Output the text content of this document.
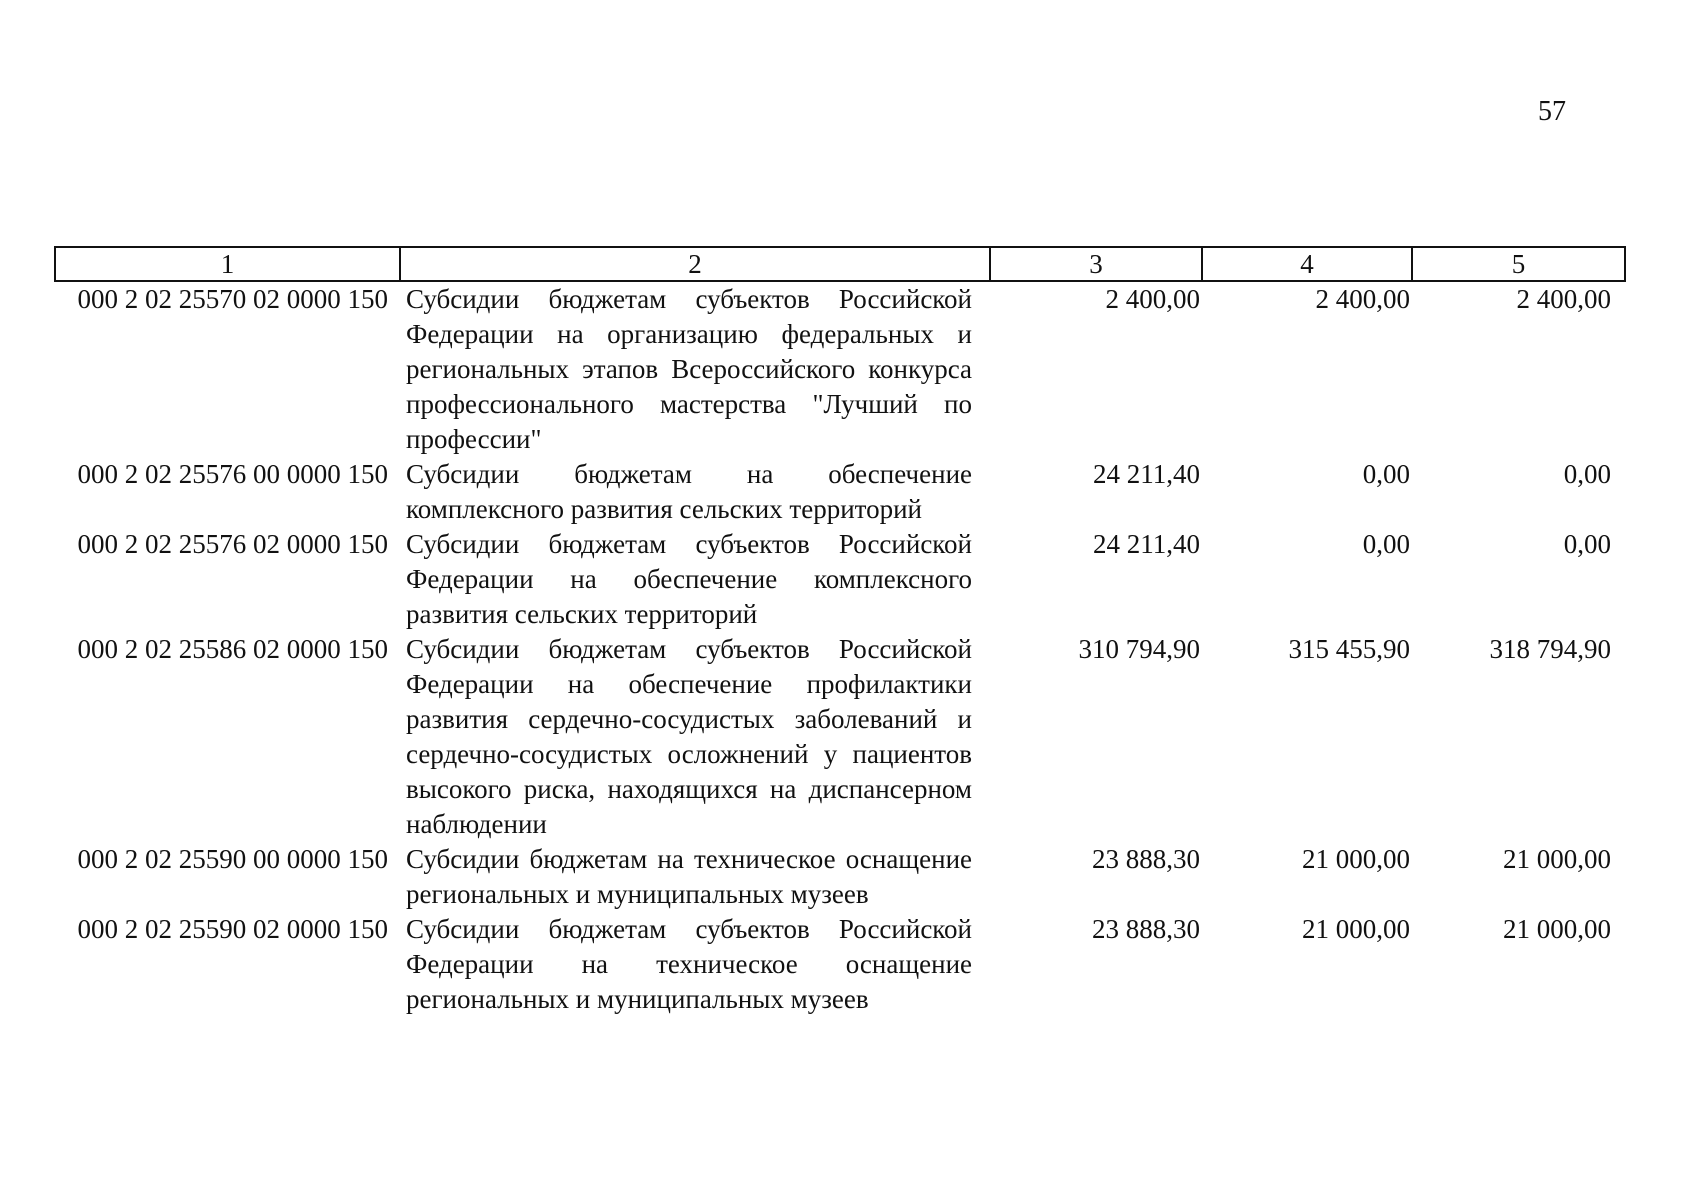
57
1	2	3	4	5
000 2 02 25570 02 0000 150	Субсидии бюджетам субъектов Российской Федерации на организацию федеральных и региональных этапов Всероссийского конкурса профессионального мастерства "Лучший по профессии"	2 400,00	2 400,00	2 400,00
000 2 02 25576 00 0000 150	Субсидии бюджетам на обеспечение комплексного развития сельских территорий	24 211,40	0,00	0,00
000 2 02 25576 02 0000 150	Субсидии бюджетам субъектов Российской Федерации на обеспечение комплексного развития сельских территорий	24 211,40	0,00	0,00
000 2 02 25586 02 0000 150	Субсидии бюджетам субъектов Российской Федерации на обеспечение профилактики развития сердечно-сосудистых заболеваний и сердечно-сосудистых осложнений у пациентов высокого риска, находящихся на диспансерном наблюдении	310 794,90	315 455,90	318 794,90
000 2 02 25590 00 0000 150	Субсидии бюджетам на техническое оснащение региональных и муниципальных музеев	23 888,30	21 000,00	21 000,00
000 2 02 25590 02 0000 150	Субсидии бюджетам субъектов Российской Федерации на техническое оснащение региональных и муниципальных музеев	23 888,30	21 000,00	21 000,00
